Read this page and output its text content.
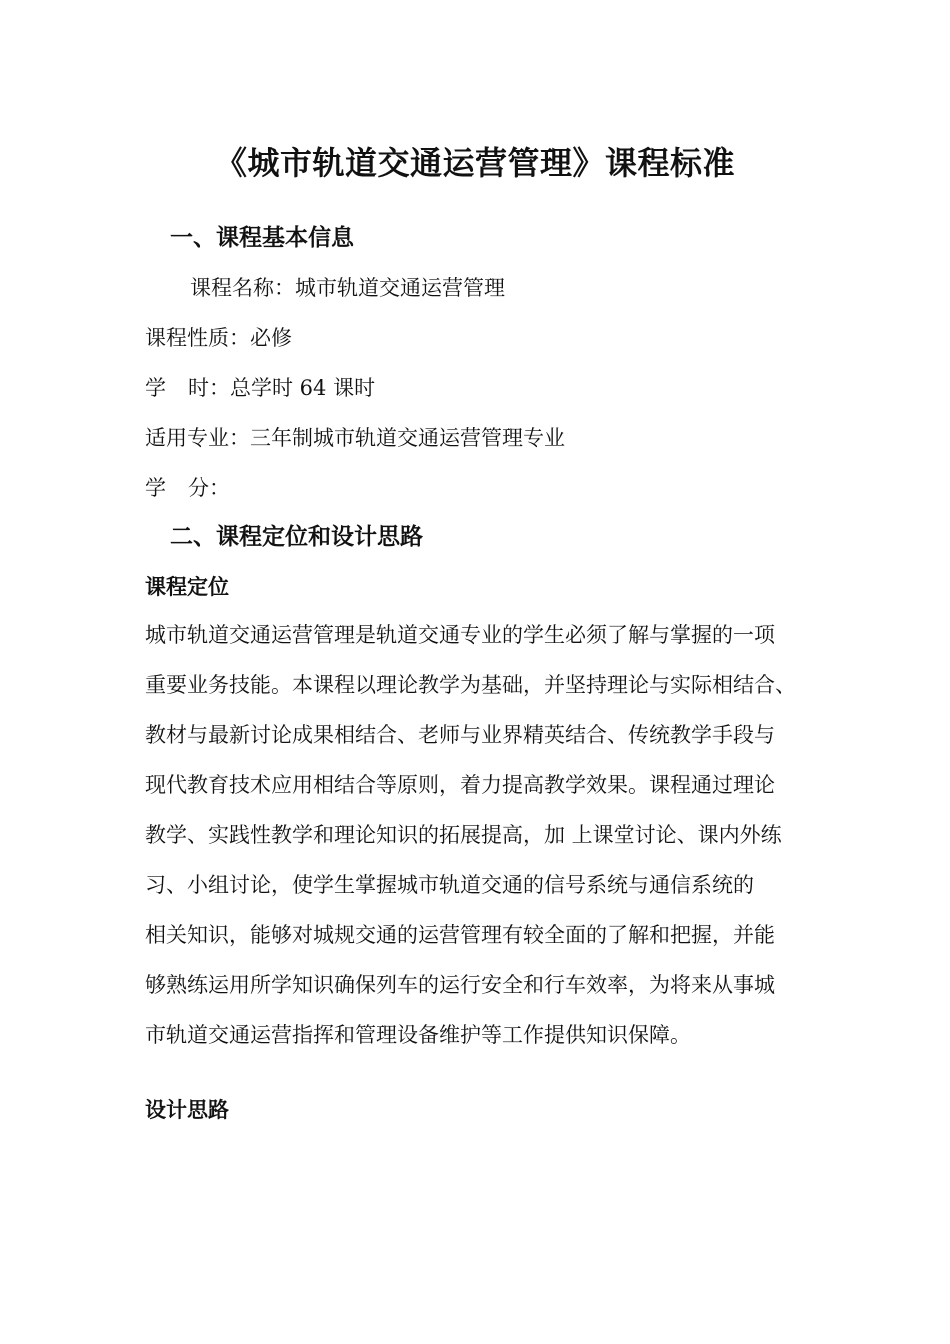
《城市轨道交通运营管理》课程标准
一、课程基本信息

课程名称：城市轨道交通运营管理

课程性质：必修

学 时：总学时 64 课时

适用专业：三年制城市轨道交通运营管理专业

学 分：

二、课程定位和设计思路
课程定位
城市轨道交通运营管理是轨道交通专业的学生必须了解与掌握的一项
重要业务技能。本课程以理论教学为基础，并坚持理论与实际相结合、
教材与最新讨论成果相结合、老师与业界精英结合、传统教学手段与
现代教育技术应用相结合等原则，着力提高教学效果。课程通过理论
教学、实践性教学和理论知识的拓展提高，加 上课堂讨论、课内外练
习、小组讨论，使学生掌握城市轨道交通的信号系统与通信系统的
相关知识，能够对城规交通的运营管理有较全面的了解和把握，并能
够熟练运用所学知识确保列车的运行安全和行车效率，为将来从事城
市轨道交通运营指挥和管理设备维护等工作提供知识保障。
设计思路
